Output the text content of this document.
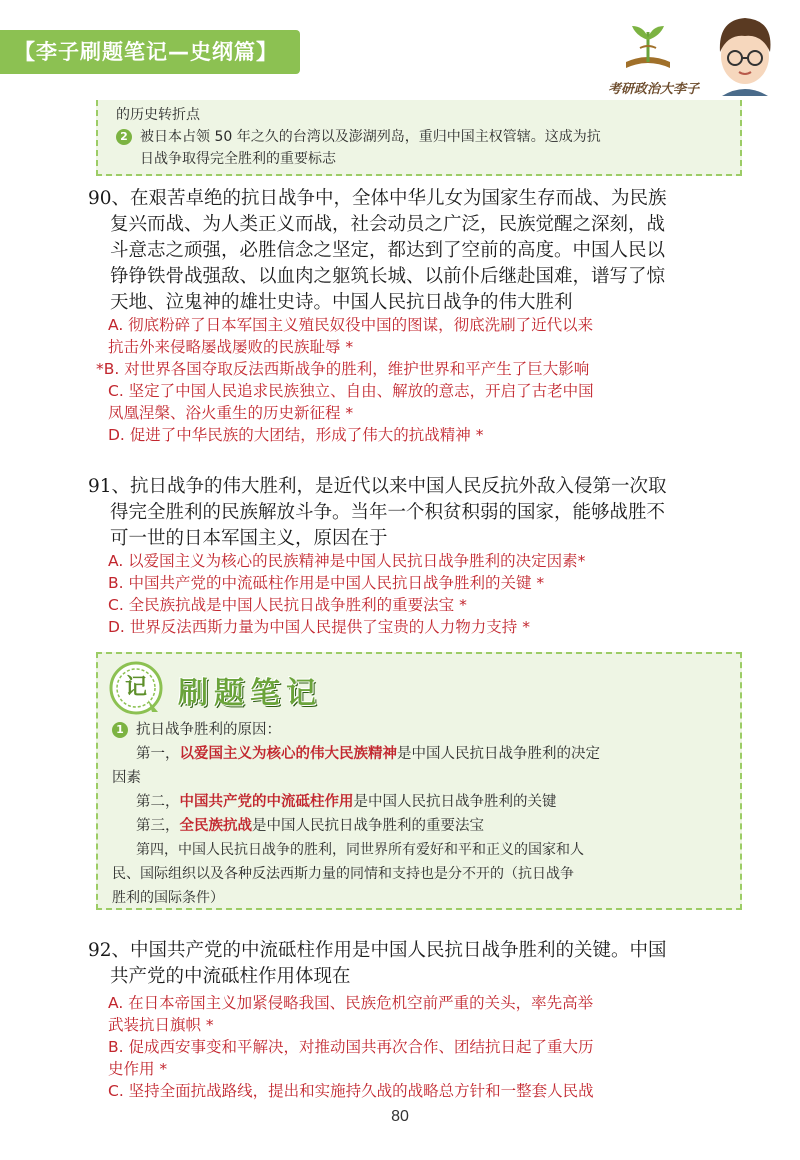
【李子刷题笔记—史纲篇】
考研政治大李子
的历史转折点
2 被日本占领 50 年之久的台湾以及澎湖列岛，重归中国主权管辖。这成为抗
日战争取得完全胜利的重要标志
90、在艰苦卓绝的抗日战争中，全体中华儿女为国家生存而战、为民族
复兴而战、为人类正义而战，社会动员之广泛，民族觉醒之深刻，战
斗意志之顽强，必胜信念之坚定，都达到了空前的高度。中国人民以
铮铮铁骨战强敌、以血肉之躯筑长城、以前仆后继赴国难，谱写了惊
天地、泣鬼神的雄壮史诗。中国人民抗日战争的伟大胜利
A. 彻底粉碎了日本军国主义殖民奴役中国的图谋，彻底洗刷了近代以来
抗击外来侵略屡战屡败的民族耻辱 *
*B. 对世界各国夺取反法西斯战争的胜利，维护世界和平产生了巨大影响
C. 坚定了中国人民追求民族独立、自由、解放的意志，开启了古老中国
凤凰涅槃、浴火重生的历史新征程 *
D. 促进了中华民族的大团结，形成了伟大的抗战精神 *
91、抗日战争的伟大胜利，是近代以来中国人民反抗外敌入侵第一次取
得完全胜利的民族解放斗争。当年一个积贫积弱的国家，能够战胜不
可一世的日本军国主义，原因在于
A. 以爱国主义为核心的民族精神是中国人民抗日战争胜利的决定因素*
B. 中国共产党的中流砥柱作用是中国人民抗日战争胜利的关键 *
C. 全民族抗战是中国人民抗日战争胜利的重要法宝 *
D. 世界反法西斯力量为中国人民提供了宝贵的人力物力支持 *
记	刷题笔记
1 抗日战争胜利的原因：
第一，以爱国主义为核心的伟大民族精神是中国人民抗日战争胜利的决定
因素
第二，中国共产党的中流砥柱作用是中国人民抗日战争胜利的关键
第三，全民族抗战是中国人民抗日战争胜利的重要法宝
第四，中国人民抗日战争的胜利，同世界所有爱好和平和正义的国家和人
民、国际组织以及各种反法西斯力量的同情和支持也是分不开的（抗日战争
胜利的国际条件）
92、中国共产党的中流砥柱作用是中国人民抗日战争胜利的关键。中国
共产党的中流砥柱作用体现在
A. 在日本帝国主义加紧侵略我国、民族危机空前严重的关头，率先高举
武装抗日旗帜 *
B. 促成西安事变和平解决，对推动国共再次合作、团结抗日起了重大历
史作用 *
C. 坚持全面抗战路线，提出和实施持久战的战略总方针和一整套人民战
80
